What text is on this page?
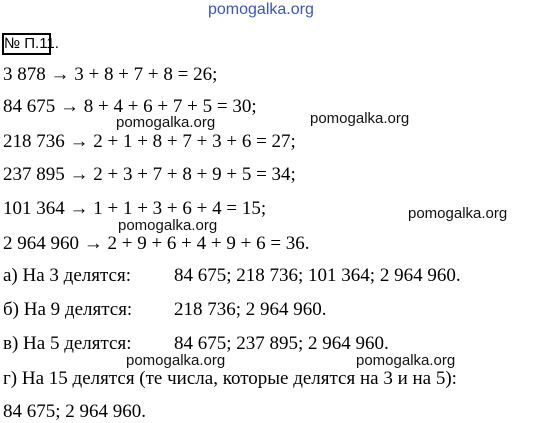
pomogalka.org
№ П.11.
3 878 → 3 + 8 + 7 + 8 = 26;
84 675 → 8 + 4 + 6 + 7 + 5 = 30;
218 736 → 2 + 1 + 8 + 7 + 3 + 6 = 27;
237 895 → 2 + 3 + 7 + 8 + 9 + 5 = 34;
101 364 → 1 + 1 + 3 + 6 + 4 = 15;
2 964 960 → 2 + 9 + 6 + 4 + 9 + 6 = 36.
pomogalka.org	pomogalka.org
pomogalka.org
pomogalka.org
pomogalka.org	pomogalka.org
а) На 3 делятся: 84 675; 218 736; 101 364; 2 964 960.
б) На 9 делятся: 218 736; 2 964 960.
в) На 5 делятся: 84 675; 237 895; 2 964 960.
г) На 15 делятся (те числа, которые делятся на 3 и на 5):
84 675; 2 964 960.
